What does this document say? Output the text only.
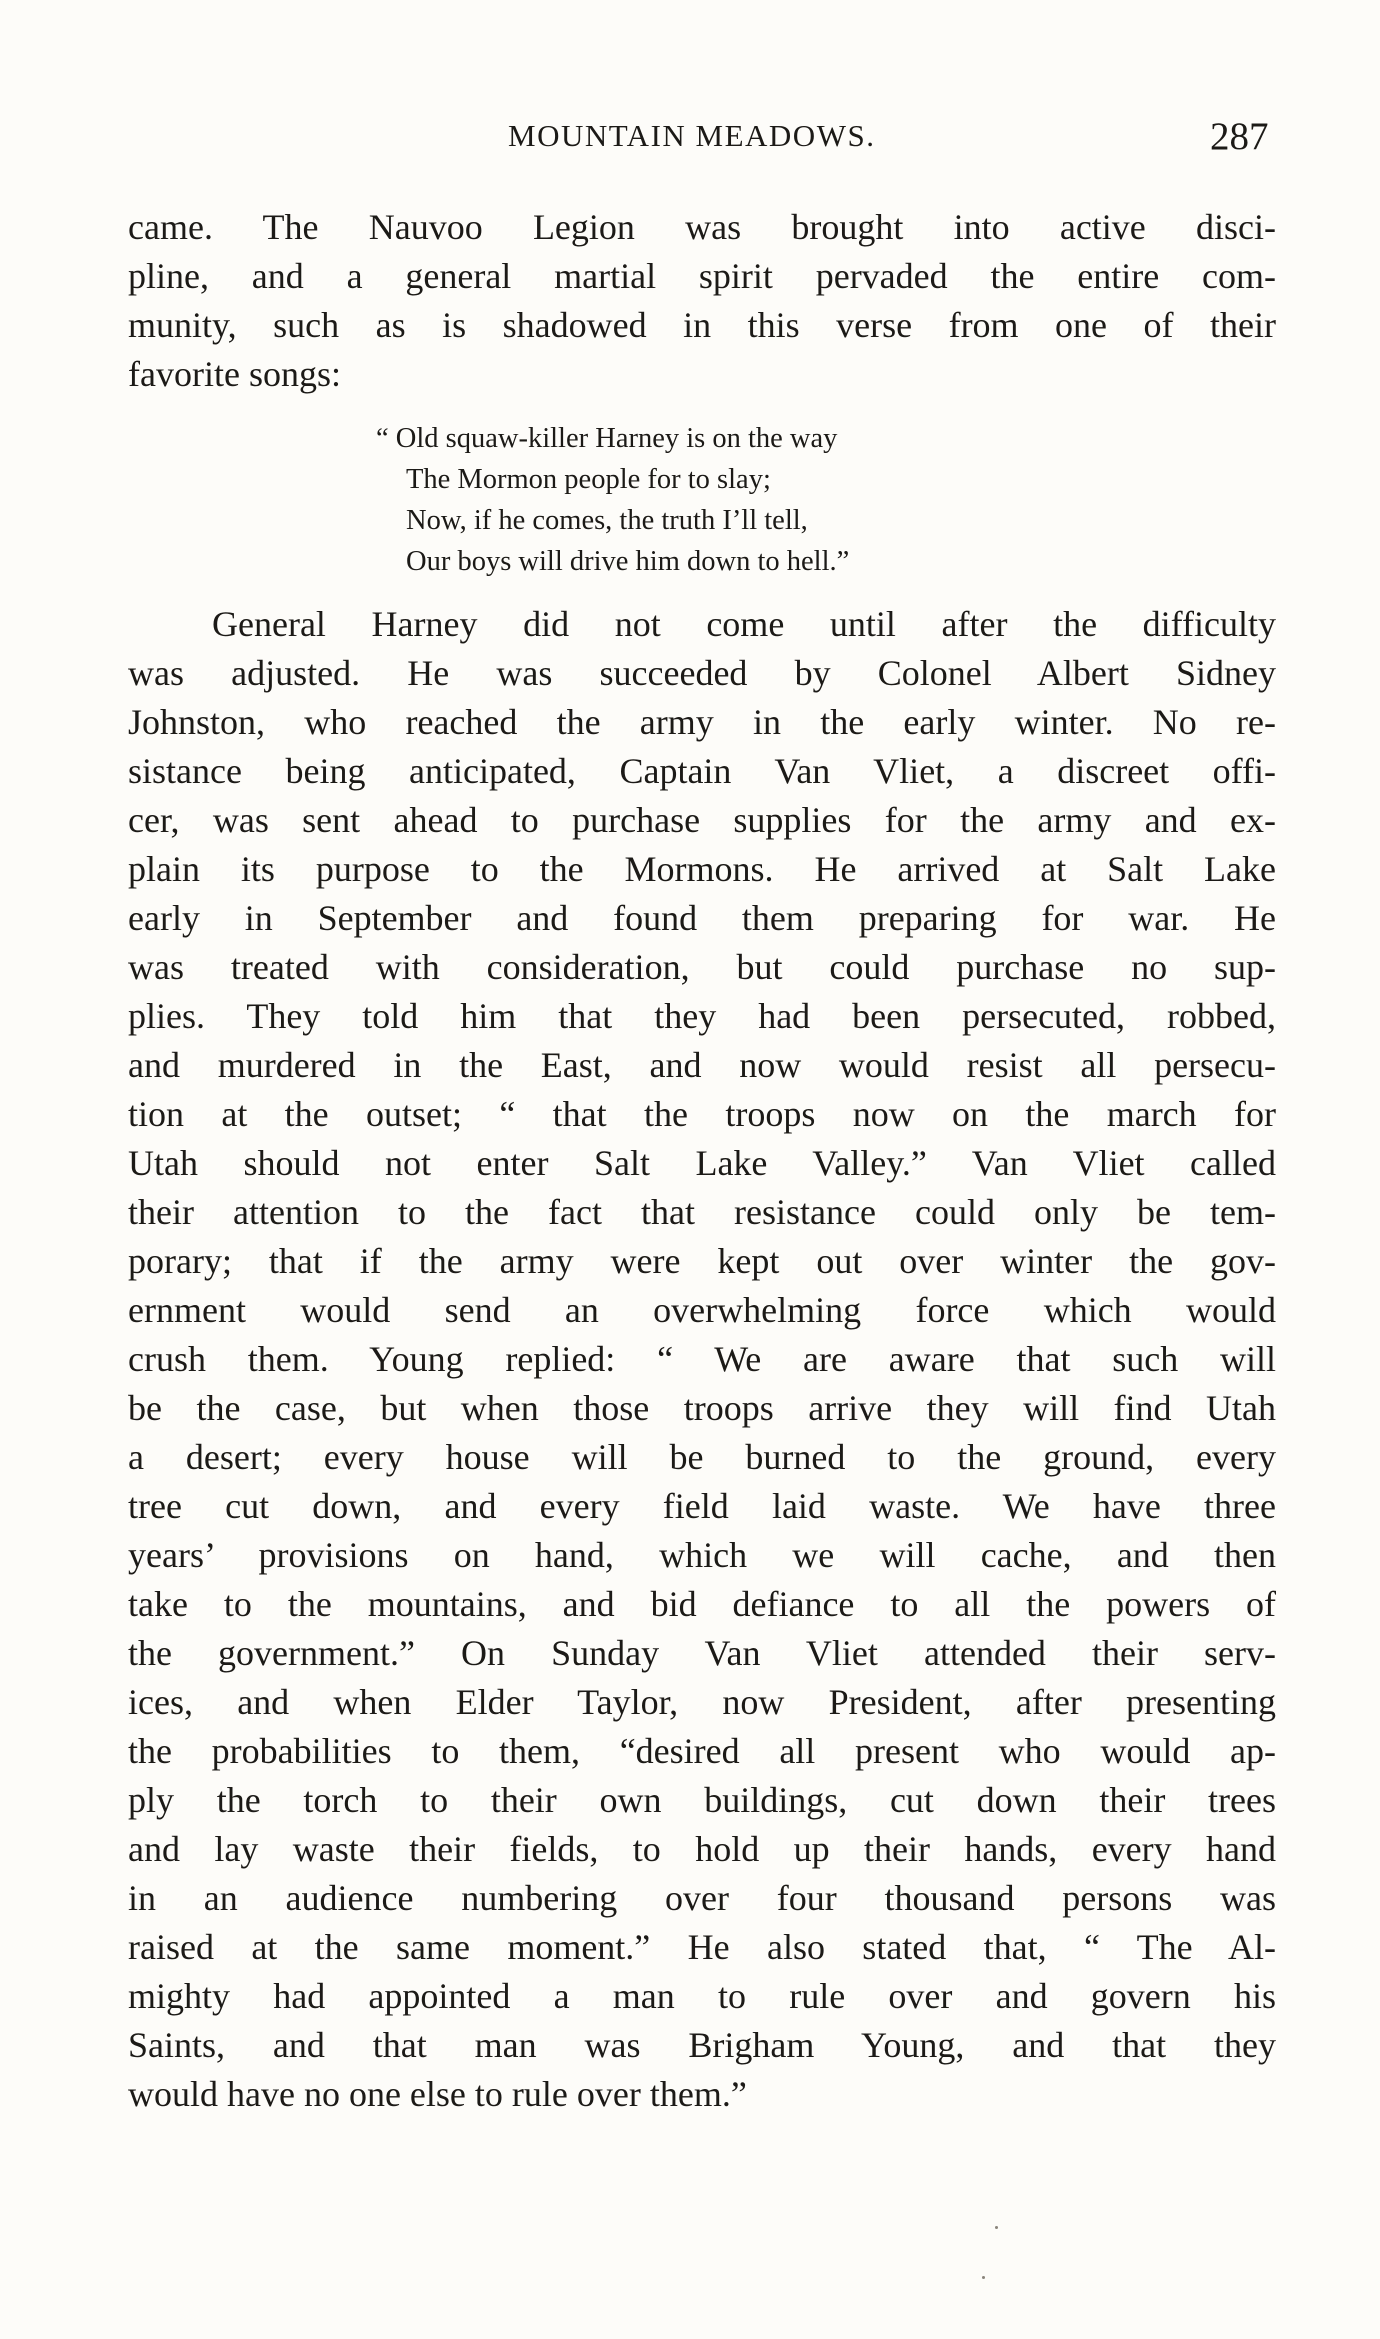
MOUNTAIN MEADOWS.	287
came. The Nauvoo Legion was brought into active disci-
pline, and a general martial spirit pervaded the entire com-
munity, such as is shadowed in this verse from one of their
favorite songs:
“ Old squaw-killer Harney is on the way
The Mormon people for to slay;
Now, if he comes, the truth I’ll tell,
Our boys will drive him down to hell.”
General Harney did not come until after the difficulty
was adjusted. He was succeeded by Colonel Albert Sidney
Johnston, who reached the army in the early winter. No re-
sistance being anticipated, Captain Van Vliet, a discreet offi-
cer, was sent ahead to purchase supplies for the army and ex-
plain its purpose to the Mormons. He arrived at Salt Lake
early in September and found them preparing for war. He
was treated with consideration, but could purchase no sup-
plies. They told him that they had been persecuted, robbed,
and murdered in the East, and now would resist all persecu-
tion at the outset; “ that the troops now on the march for
Utah should not enter Salt Lake Valley.” Van Vliet called
their attention to the fact that resistance could only be tem-
porary; that if the army were kept out over winter the gov-
ernment would send an overwhelming force which would
crush them. Young replied: “ We are aware that such will
be the case, but when those troops arrive they will find Utah
a desert; every house will be burned to the ground, every
tree cut down, and every field laid waste. We have three
years’ provisions on hand, which we will cache, and then
take to the mountains, and bid defiance to all the powers of
the government.” On Sunday Van Vliet attended their serv-
ices, and when Elder Taylor, now President, after presenting
the probabilities to them, “desired all present who would ap-
ply the torch to their own buildings, cut down their trees
and lay waste their fields, to hold up their hands, every hand
in an audience numbering over four thousand persons was
raised at the same moment.” He also stated that, “ The Al-
mighty had appointed a man to rule over and govern his
Saints, and that man was Brigham Young, and that they
would have no one else to rule over them.”
